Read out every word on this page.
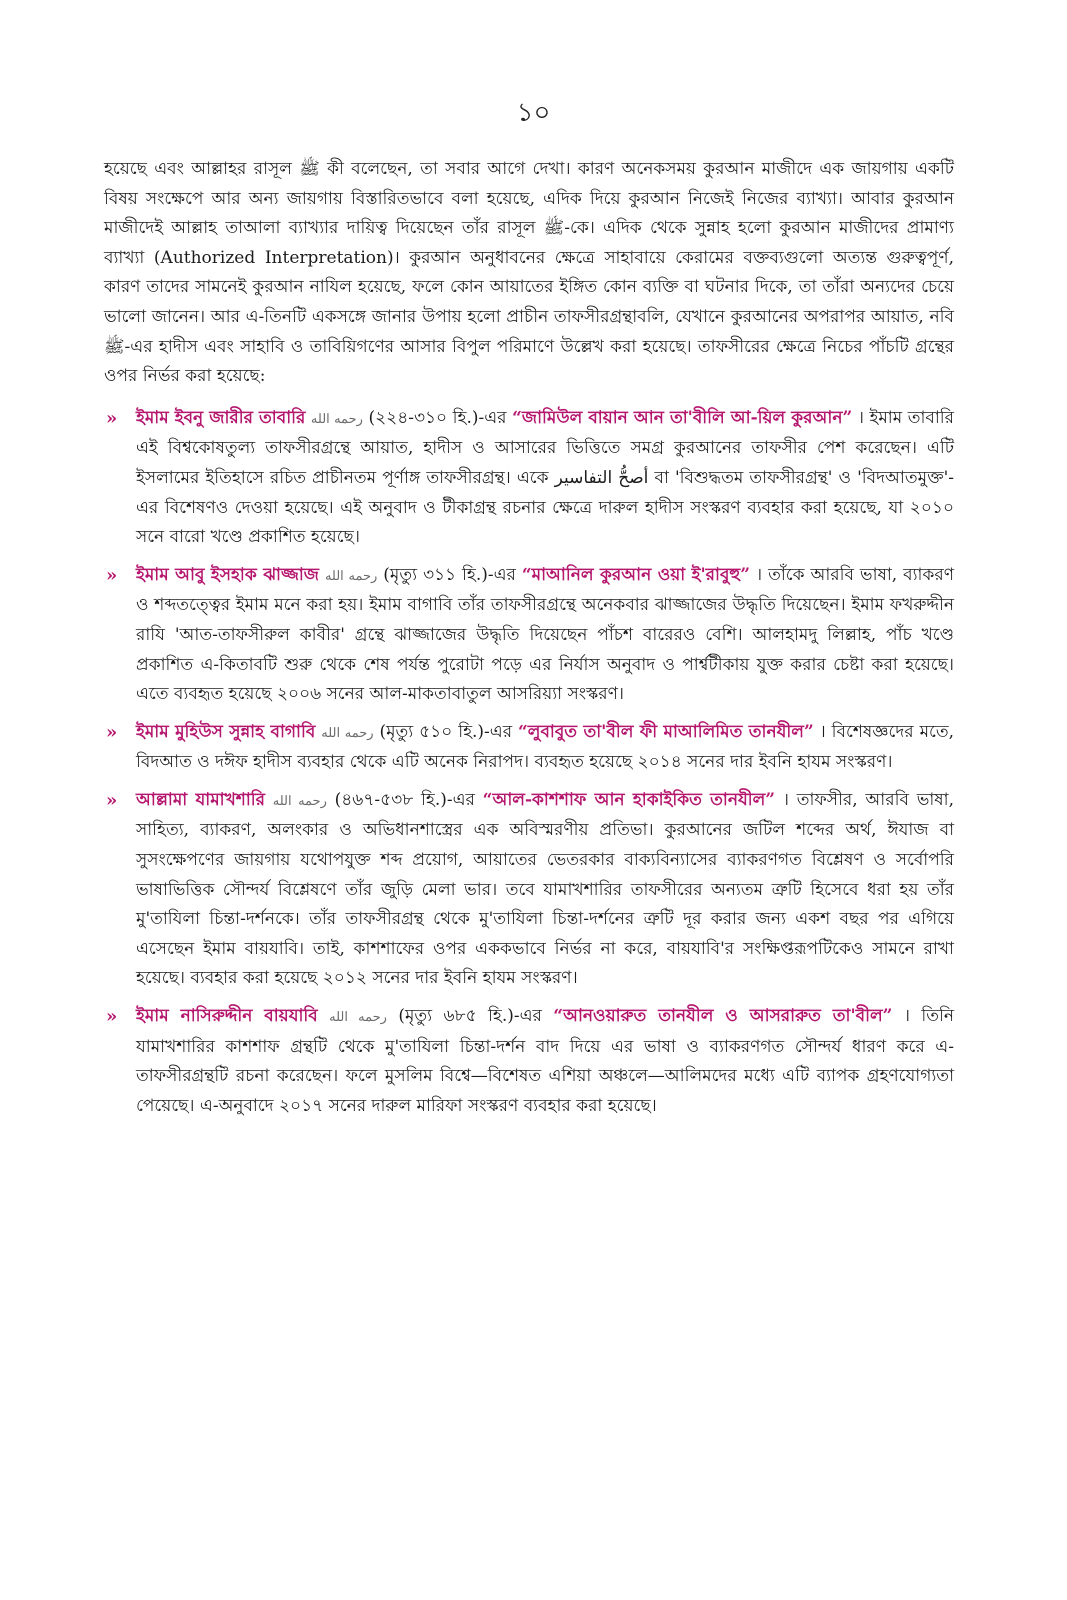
১০

হয়েছে এবং আল্লাহর রাসূল ﷺ কী বলেছেন, তা সবার আগে দেখা। কারণ অনেকসময় কুরআন মাজীদে এক জায়গায় একটি বিষয় সংক্ষেপে আর অন্য জায়গায় বিস্তারিতভাবে বলা হয়েছে, এদিক দিয়ে কুরআন নিজেই নিজের ব্যাখ্যা। আবার কুরআন মাজীদেই আল্লাহ তাআলা ব্যাখ্যার দায়িত্ব দিয়েছেন তাঁর রাসূল ﷺ-কে। এদিক থেকে সুন্নাহ হলো কুরআন মাজীদের প্রামাণ্য ব্যাখ্যা (Authorized Interpretation)। কুরআন অনুধাবনের ক্ষেত্রে সাহাবায়ে কেরামের বক্তব্যগুলো অত্যন্ত গুরুত্বপূর্ণ, কারণ তাদের সামনেই কুরআন নাযিল হয়েছে, ফলে কোন আয়াতের ইঙ্গিত কোন ব্যক্তি বা ঘটনার দিকে, তা তাঁরা অন্যদের চেয়ে ভালো জানেন। আর এ-তিনটি একসঙ্গে জানার উপায় হলো প্রাচীন তাফসীরগ্রন্থাবলি, যেখানে কুরআনের অপরাপর আয়াত, নবি ﷺ-এর হাদীস এবং সাহাবি ও তাবিয়িগণের আসার বিপুল পরিমাণে উল্লেখ করা হয়েছে। তাফসীরের ক্ষেত্রে নিচের পাঁচটি গ্রন্থের ওপর নির্ভর করা হয়েছে:

» ইমাম ইবনু জারীর তাবারি رحمه الله (২২৪-৩১০ হি.)-এর “জামিউল বায়ান আন তা'বীলি আ-য়িল কুরআন” । ইমাম তাবারি এই বিশ্বকোষতুল্য তাফসীরগ্রন্থে আয়াত, হাদীস ও আসারের ভিত্তিতে সমগ্র কুরআনের তাফসীর পেশ করেছেন। এটি ইসলামের ইতিহাসে রচিত প্রাচীনতম পূর্ণাঙ্গ তাফসীরগ্রন্থ। একে أصحُّ التفاسير বা 'বিশুদ্ধতম তাফসীরগ্রন্থ' ও 'বিদআতমুক্ত'-এর বিশেষণও দেওয়া হয়েছে। এই অনুবাদ ও টীকাগ্রন্থ রচনার ক্ষেত্রে দারুল হাদীস সংস্করণ ব্যবহার করা হয়েছে, যা ২০১০ সনে বারো খণ্ডে প্রকাশিত হয়েছে।
» ইমাম আবু ইসহাক ঝাজ্জাজ رحمه الله (মৃত্যু ৩১১ হি.)-এর “মাআনিল কুরআন ওয়া ই'রাবুহু” । তাঁকে আরবি ভাষা, ব্যাকরণ ও শব্দতত্ত্বের ইমাম মনে করা হয়। ইমাম বাগাবি তাঁর তাফসীরগ্রন্থে অনেকবার ঝাজ্জাজের উদ্ধৃতি দিয়েছেন। ইমাম ফখরুদ্দীন রাযি 'আত-তাফসীরুল কাবীর' গ্রন্থে ঝাজ্জাজের উদ্ধৃতি দিয়েছেন পাঁচশ বারেরও বেশি। আলহামদু লিল্লাহ, পাঁচ খণ্ডে প্রকাশিত এ-কিতাবটি শুরু থেকে শেষ পর্যন্ত পুরোটা পড়ে এর নির্যাস অনুবাদ ও পার্শ্বটীকায় যুক্ত করার চেষ্টা করা হয়েছে। এতে ব্যবহৃত হয়েছে ২০০৬ সনের আল-মাকতাবাতুল আসরিয়্যা সংস্করণ।
» ইমাম মুহিউস সুন্নাহ বাগাবি رحمه الله (মৃত্যু ৫১০ হি.)-এর “লুবাবুত তা'বীল ফী মাআলিমিত তানযীল” । বিশেষজ্ঞদের মতে, বিদআত ও দঈফ হাদীস ব্যবহার থেকে এটি অনেক নিরাপদ। ব্যবহৃত হয়েছে ২০১৪ সনের দার ইবনি হাযম সংস্করণ।
» আল্লামা যামাখশারি رحمه الله (৪৬৭-৫৩৮ হি.)-এর “আল-কাশশাফ আন হাকাইকিত তানযীল” । তাফসীর, আরবি ভাষা, সাহিত্য, ব্যাকরণ, অলংকার ও অভিধানশাস্ত্রের এক অবিস্মরণীয় প্রতিভা। কুরআনের জটিল শব্দের অর্থ, ঈযাজ বা সুসংক্ষেপণের জায়গায় যথোপযুক্ত শব্দ প্রয়োগ, আয়াতের ভেতরকার বাক্যবিন্যাসের ব্যাকরণগত বিশ্লেষণ ও সর্বোপরি ভাষাভিত্তিক সৌন্দর্য বিশ্লেষণে তাঁর জুড়ি মেলা ভার। তবে যামাখশারির তাফসীরের অন্যতম ত্রুটি হিসেবে ধরা হয় তাঁর মু'তাযিলা চিন্তা-দর্শনকে। তাঁর তাফসীরগ্রন্থ থেকে মু'তাযিলা চিন্তা-দর্শনের ত্রুটি দূর করার জন্য একশ বছর পর এগিয়ে এসেছেন ইমাম বায়যাবি। তাই, কাশশাফের ওপর এককভাবে নির্ভর না করে, বায়যাবি'র সংক্ষিপ্তরূপটিকেও সামনে রাখা হয়েছে। ব্যবহার করা হয়েছে ২০১২ সনের দার ইবনি হাযম সংস্করণ।
» ইমাম নাসিরুদ্দীন বায়যাবি رحمه الله (মৃত্যু ৬৮৫ হি.)-এর “আনওয়ারুত তানযীল ও আসরারুত তা'বীল” । তিনি যামাখশারির কাশশাফ গ্রন্থটি থেকে মু'তাযিলা চিন্তা-দর্শন বাদ দিয়ে এর ভাষা ও ব্যাকরণগত সৌন্দর্য ধারণ করে এ-তাফসীরগ্রন্থটি রচনা করেছেন। ফলে মুসলিম বিশ্বে—বিশেষত এশিয়া অঞ্চলে—আলিমদের মধ্যে এটি ব্যাপক গ্রহণযোগ্যতা পেয়েছে। এ-অনুবাদে ২০১৭ সনের দারুল মারিফা সংস্করণ ব্যবহার করা হয়েছে।
